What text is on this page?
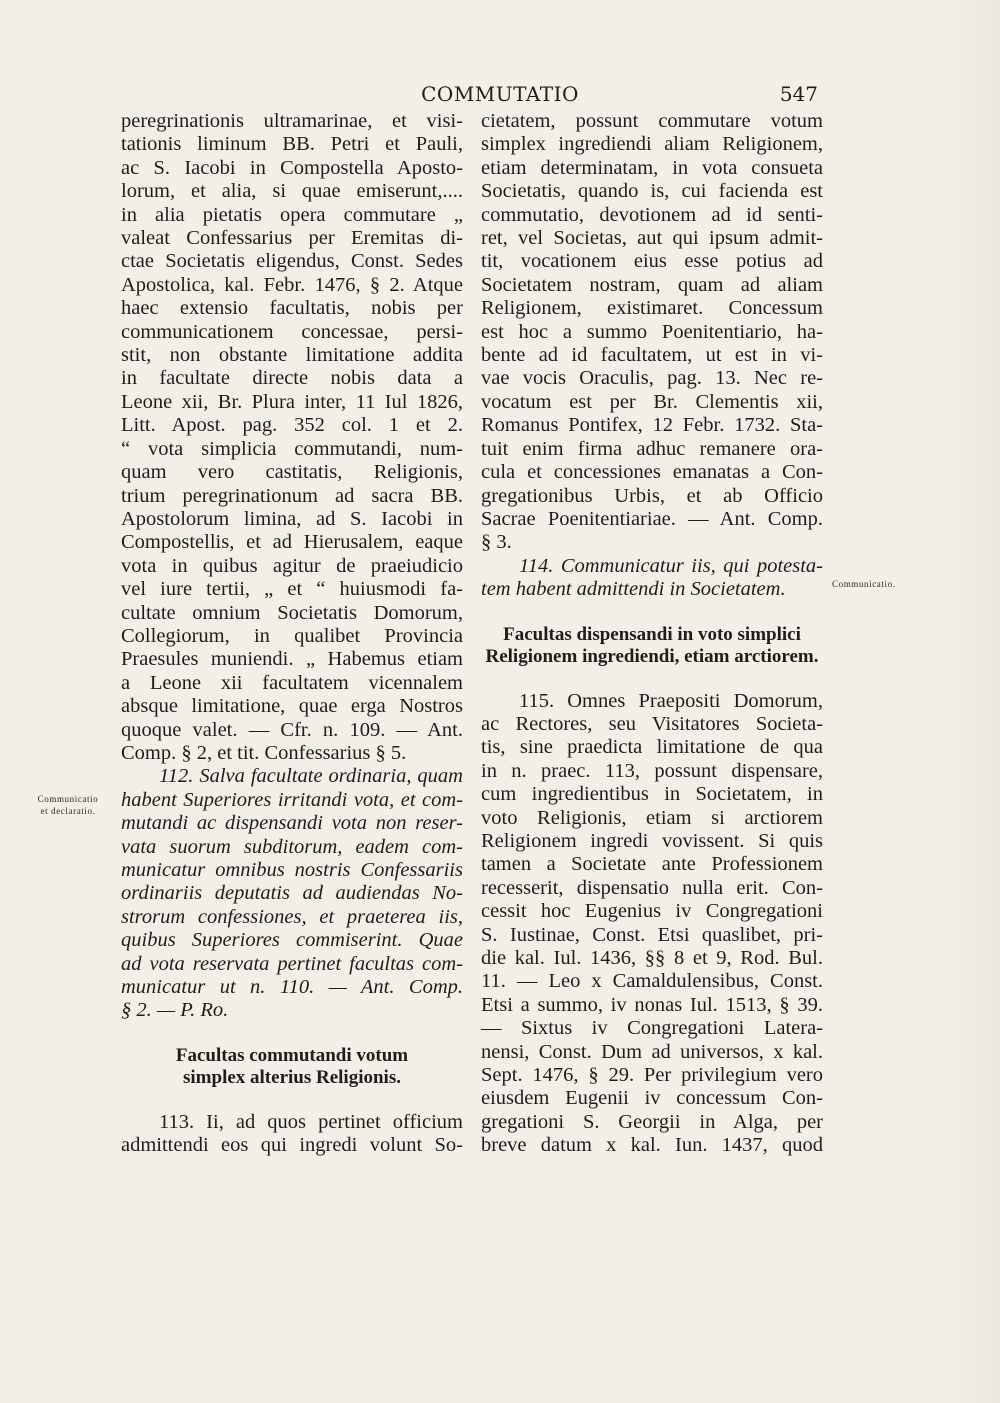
COMMUTATIO	547
Communicatio
et declaratio.
Communicatio.
peregrinationis ultramarinae, et visi-
tationis liminum BB. Petri et Pauli,
ac S. Iacobi in Compostella Aposto-
lorum, et alia, si quae emiserunt,....
in alia pietatis opera commutare „
valeat Confessarius per Eremitas di-
ctae Societatis eligendus, Const. Sedes
Apostolica, kal. Febr. 1476, § 2. Atque
haec extensio facultatis, nobis per
communicationem concessae, persi-
stit, non obstante limitatione addita
in facultate directe nobis data a
Leone xii, Br. Plura inter, 11 Iul 1826,
Litt. Apost. pag. 352 col. 1 et 2.
“ vota simplicia commutandi, num-
quam vero castitatis, Religionis,
trium peregrinationum ad sacra BB.
Apostolorum limina, ad S. Iacobi in
Compostellis, et ad Hierusalem, eaque
vota in quibus agitur de praeiudicio
vel iure tertii, „ et “ huiusmodi fa-
cultate omnium Societatis Domorum,
Collegiorum, in qualibet Provincia
Praesules muniendi. „ Habemus etiam
a Leone xii facultatem vicennalem
absque limitatione, quae erga Nostros
quoque valet. — Cfr. n. 109. — Ant.
Comp. § 2, et tit. Confessarius § 5.
112. Salva facultate ordinaria, quam
habent Superiores irritandi vota, et com-
mutandi ac dispensandi vota non reser-
vata suorum subditorum, eadem com-
municatur omnibus nostris Confessariis
ordinariis deputatis ad audiendas No-
strorum confessiones, et praeterea iis,
quibus Superiores commiserint. Quae
ad vota reservata pertinet facultas com-
municatur ut n. 110. — Ant. Comp.
§ 2. — P. Ro.
Facultas commutandi votum
simplex alterius Religionis.
113. Ii, ad quos pertinet officium
admittendi eos qui ingredi volunt So-
cietatem, possunt commutare votum
simplex ingrediendi aliam Religionem,
etiam determinatam, in vota consueta
Societatis, quando is, cui facienda est
commutatio, devotionem ad id senti-
ret, vel Societas, aut qui ipsum admit-
tit, vocationem eius esse potius ad
Societatem nostram, quam ad aliam
Religionem, existimaret. Concessum
est hoc a summo Poenitentiario, ha-
bente ad id facultatem, ut est in vi-
vae vocis Oraculis, pag. 13. Nec re-
vocatum est per Br. Clementis xii,
Romanus Pontifex, 12 Febr. 1732. Sta-
tuit enim firma adhuc remanere ora-
cula et concessiones emanatas a Con-
gregationibus Urbis, et ab Officio
Sacrae Poenitentiariae. — Ant. Comp.
§ 3.
114. Communicatur iis, qui potesta-
tem habent admittendi in Societatem.
Facultas dispensandi in voto simplici
Religionem ingrediendi, etiam arctiorem.
115. Omnes Praepositi Domorum,
ac Rectores, seu Visitatores Societa-
tis, sine praedicta limitatione de qua
in n. praec. 113, possunt dispensare,
cum ingredientibus in Societatem, in
voto Religionis, etiam si arctiorem
Religionem ingredi vovissent. Si quis
tamen a Societate ante Professionem
recesserit, dispensatio nulla erit. Con-
cessit hoc Eugenius iv Congregationi
S. Iustinae, Const. Etsi quaslibet, pri-
die kal. Iul. 1436, §§ 8 et 9, Rod. Bul.
11. — Leo x Camaldulensibus, Const.
Etsi a summo, iv nonas Iul. 1513, § 39.
— Sixtus iv Congregationi Latera-
nensi, Const. Dum ad universos, x kal.
Sept. 1476, § 29. Per privilegium vero
eiusdem Eugenii iv concessum Con-
gregationi S. Georgii in Alga, per
breve datum x kal. Iun. 1437, quod
